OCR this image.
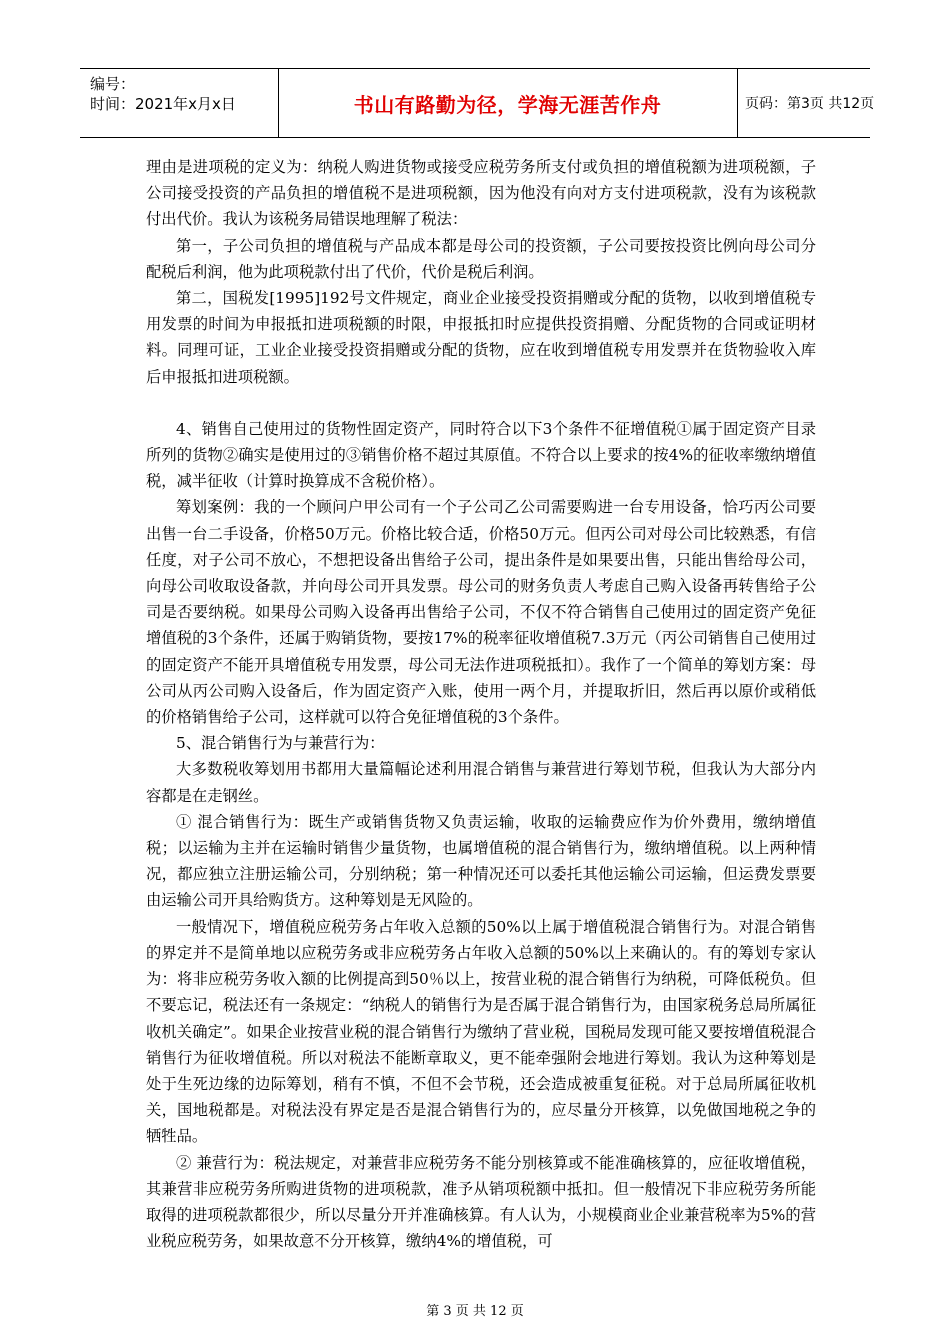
编号：
时间：2021年x月x日	书山有路勤为径，学海无涯苦作舟	页码：第3页 共12页

理由是进项税的定义为：纳税人购进货物或接受应税劳务所支付或负担的增值税额为进项税额，子公司接受投资的产品负担的增值税不是进项税额，因为他没有向对方支付进项税款，没有为该税款付出代价。我认为该税务局错误地理解了税法：

第一，子公司负担的增值税与产品成本都是母公司的投资额，子公司要按投资比例向母公司分配税后利润，他为此项税款付出了代价，代价是税后利润。

第二，国税发[1995]192号文件规定，商业企业接受投资捐赠或分配的货物，以收到增值税专用发票的时间为申报抵扣进项税额的时限，申报抵扣时应提供投资捐赠、分配货物的合同或证明材料。同理可证，工业企业接受投资捐赠或分配的货物，应在收到增值税专用发票并在货物验收入库后申报抵扣进项税额。

4、销售自己使用过的货物性固定资产，同时符合以下3个条件不征增值税①属于固定资产目录所列的货物②确实是使用过的③销售价格不超过其原值。不符合以上要求的按4%的征收率缴纳增值税，减半征收（计算时换算成不含税价格）。

筹划案例：我的一个顾问户甲公司有一个子公司乙公司需要购进一台专用设备，恰巧丙公司要出售一台二手设备，价格50万元。价格比较合适，价格50万元。但丙公司对母公司比较熟悉，有信任度，对子公司不放心，不想把设备出售给子公司，提出条件是如果要出售，只能出售给母公司，向母公司收取设备款，并向母公司开具发票。母公司的财务负责人考虑自己购入设备再转售给子公司是否要纳税。如果母公司购入设备再出售给子公司，不仅不符合销售自己使用过的固定资产免征增值税的3个条件，还属于购销货物，要按17%的税率征收增值税7.3万元（丙公司销售自己使用过的固定资产不能开具增值税专用发票，母公司无法作进项税抵扣）。我作了一个简单的筹划方案：母公司从丙公司购入设备后，作为固定资产入账，使用一两个月，并提取折旧，然后再以原价或稍低的价格销售给子公司，这样就可以符合免征增值税的3个条件。

5、混合销售行为与兼营行为：

大多数税收筹划用书都用大量篇幅论述利用混合销售与兼营进行筹划节税，但我认为大部分内容都是在走钢丝。

① 混合销售行为：既生产或销售货物又负责运输，收取的运输费应作为价外费用，缴纳增值税；以运输为主并在运输时销售少量货物，也属增值税的混合销售行为，缴纳增值税。以上两种情况，都应独立注册运输公司，分别纳税；第一种情况还可以委托其他运输公司运输，但运费发票要由运输公司开具给购货方。这种筹划是无风险的。

一般情况下，增值税应税劳务占年收入总额的50%以上属于增值税混合销售行为。对混合销售的界定并不是简单地以应税劳务或非应税劳务占年收入总额的50%以上来确认的。有的筹划专家认为：将非应税劳务收入额的比例提高到50％以上，按营业税的混合销售行为纳税，可降低税负。但不要忘记，税法还有一条规定：“纳税人的销售行为是否属于混合销售行为，由国家税务总局所属征收机关确定”。如果企业按营业税的混合销售行为缴纳了营业税，国税局发现可能又要按增值税混合销售行为征收增值税。所以对税法不能断章取义，更不能牵强附会地进行筹划。我认为这种筹划是处于生死边缘的边际筹划，稍有不慎，不但不会节税，还会造成被重复征税。对于总局所属征收机关，国地税都是。对税法没有界定是否是混合销售行为的，应尽量分开核算，以免做国地税之争的牺牲品。

② 兼营行为：税法规定，对兼营非应税劳务不能分别核算或不能准确核算的，应征收增值税，其兼营非应税劳务所购进货物的进项税款，准予从销项税额中抵扣。但一般情况下非应税劳务所能取得的进项税款都很少，所以尽量分开并准确核算。有人认为，小规模商业企业兼营税率为5%的营业税应税劳务，如果故意不分开核算，缴纳4%的增值税，可

第 3 页 共 12 页
